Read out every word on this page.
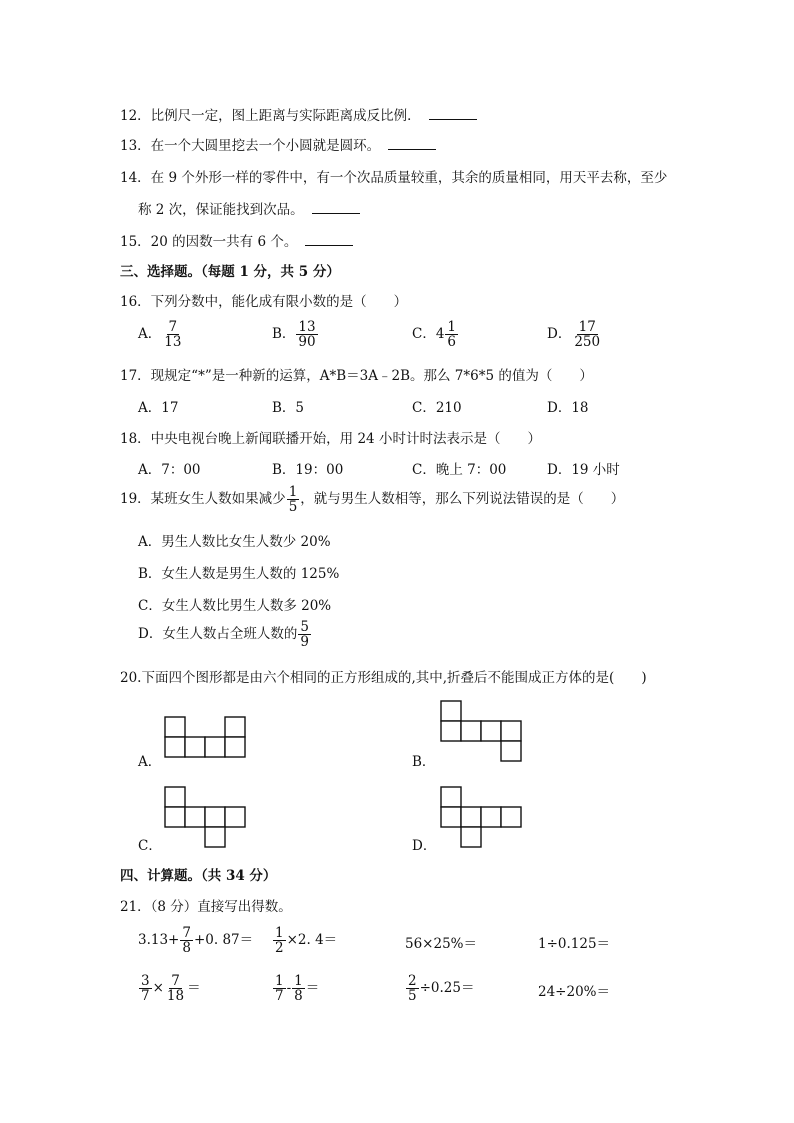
12．比例尺一定，图上距离与实际距离成反比例．
13．在一个大圆里挖去一个小圆就是圆环。
14．在 9 个外形一样的零件中，有一个次品质量较重，其余的质量相同，用天平去称，至少
称 2 次，保证能找到次品。
15．20 的因数一共有 6 个。
三、选择题。（每题 1 分，共 5 分）
16．下列分数中，能化成有限小数的是（　　）
A． $\frac{7}{13}$	B． $\frac{13}{90}$	C．$4 \frac{1}{6}$	D． $\frac{17}{250}$
17．现规定“*”是一种新的运算，A*B＝3A﹣2B。那么 7*6*5 的值为（　　）
A．17	B．5	C．210	D．18
18．中央电视台晚上新闻联播开始，用 24 小时计时法表示是（　　）
A．7：00	B．19：00	C．晚上 7：00	D．19 小时
19．某班女生人数如果减少 $\frac{1}{5}$ ，就与男生人数相等，那么下列说法错误的是（　　）
A．男生人数比女生人数少 20%
B．女生人数是男生人数的 125%
C．女生人数比男生人数多 20%
D．女生人数占全班人数的 $\frac{5}{9}$
20.下面四个图形都是由六个相同的正方形组成的,其中,折叠后不能围成正方体的是(　　)
A．	B．
C．	D．
四、计算题。（共 34 分）
21．（8 分）直接写出得数。
$3.13+ \frac{7}{8} +0$. $87= \frac{1}{2} \times 2$. 4＝	56×25%＝	1÷0.125＝
$\frac{3}{7} \times \frac{7}{18}$ ＝	$\frac{1}{7} - \frac{1}{8}$ ＝	$\frac{2}{5} \div 0.25=$	24÷20%＝
